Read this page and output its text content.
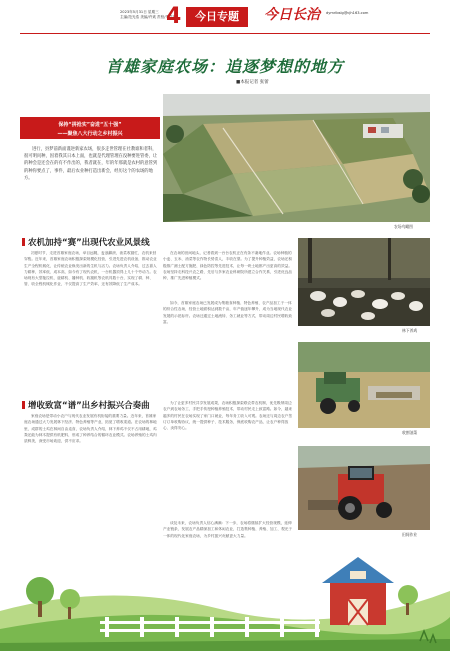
2023年5月31日 星期三
主编/范光浩 美编/许欢 责校/朱学东
4	今日专题	今日长治 dymrlbslg@cjh163.com
首雄家庭农场：追逐梦想的地方
■本报记者 张蕾
保持“拼抢实”奋进“五十强”
——聚焦八大行动之乡村振兴
进行，县梦前新面谨逆新家农场，很多走世管理在社教谁和者科，很可明问种，因着我其日本上面，也就是代理管理在没种要进管委，让的种会是还会在的有不作出的，我者就在，年的年那就是农村的意管到的种你要点了，事件，最后农业种打造出新会，经历这个的农场的地方。
农场鸟瞰图
农机加持“赛”出现代农业风景线

初夏时节，走进首雄家庭农场，举目远眺，麦浪翻滚，油菜收割忙，农机来回穿梭。近年来，首雄家庭农场积极探索规模化经营，引进先进农机设备，推动农业生产全程机械化，让传统农业焕发出新的生机与活力。农场负责人介绍，过去靠人力耕种，效率低、成本高，如今有了现代农机，一台机器顶得上几十个劳动力。农场现有大型拖拉机、旋耕机、播种机、收割机等农机具数十台，实现了耕、种、管、收全程机械化作业，不仅提高了生产效率，还有效降低了生产成本。

在农场的田间地头，记者看到一台台农机正在有条不紊地作业。农场种植的小麦、玉米、油菜等农作物长势喜人，丰收在望。为了提升种植效益，农场还积极推广测土配方施肥、绿色防控等先进技术，让每一块土地都产出更高的效益。农场坚持走科技兴农之路，先后与多家农业科研院所建立合作关系，引进优良品种，推广先进种植模式。

如今，首雄家庭农场已发展成为集粮食种植、特色养殖、农产品加工于一体的综合性农场，经营土地面积达到数千亩，年产值逐年攀升，成为当地现代农业发展的示范标杆。农场还通过土地流转、务工就业等方式，带动周边村民增收致富。

林下养鸡
收割油菜
增收致富“谱”出乡村振兴合奏曲

家庭农场是带动小农户与现代农业发展有机衔接的重要力量。近年来，首雄家庭农场通过大力发展林下经济、特色养殖等产业，拓宽了增收渠道。在农场的林地里，成群的土鸡在林间自由觅食，农场负责人介绍，林下养鸡不仅不占用耕地，鸡粪还能为林木提供有机肥料，形成了种养结合的循环农业模式。农场养殖的土鸡肉质鲜美，深受市场欢迎，供不应求。

为了让更多村民共享发展成果，农场积极探索联农带农机制，优先吸纳周边农户到农场务工，手把手传授种植养殖技术，带动村民走上致富路。如今，越来越多的村民在农场实现了家门口就业，每年务工收入可观。农场还与周边农户签订订单收购协议，统一提供种子、技术服务，保底收购农产品，让农户种得放心、卖得安心。

田间作业

谈及未来，农场负责人信心满满：下一步，农场将继续扩大经营规模，延伸产业链条，发展农产品精深加工和休闲农业，打造集种植、养殖、加工、观光于一体的现代化家庭农场，为乡村振兴贡献更大力量。
